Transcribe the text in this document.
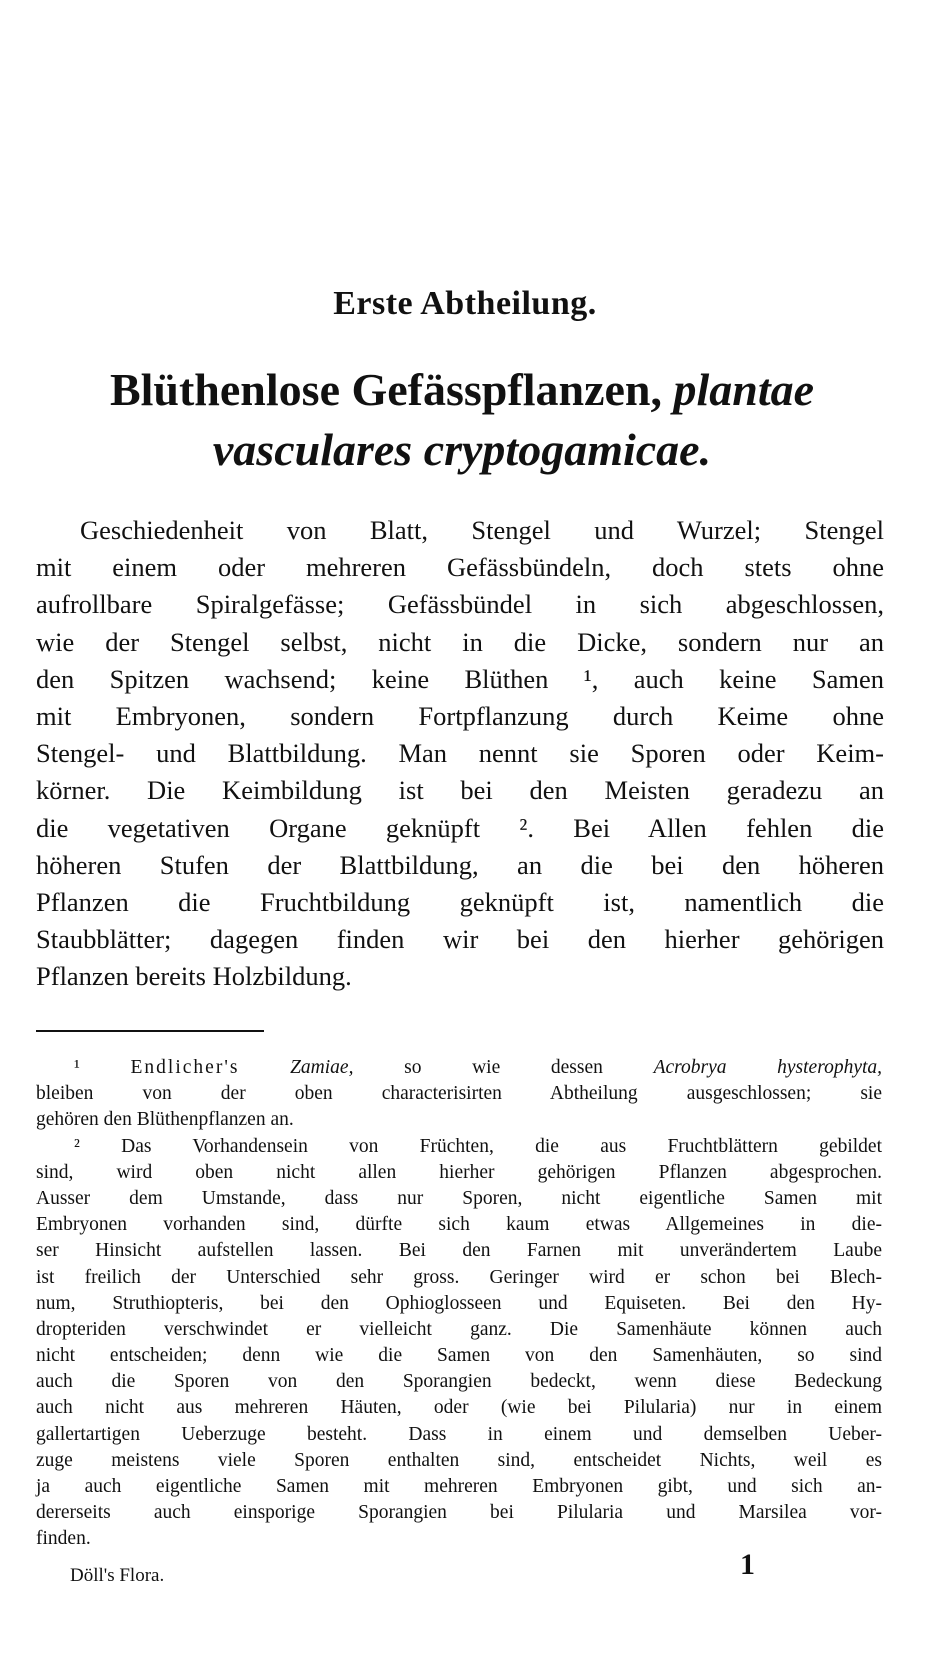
Erste Abtheilung.
Blüthenlose Gefässpflanzen, plantae
vasculares cryptogamicae.
Geschiedenheit von Blatt, Stengel und Wurzel; Stengel
mit einem oder mehreren Gefässbündeln, doch stets ohne
aufrollbare Spiralgefässe; Gefässbündel in sich abgeschlossen,
wie der Stengel selbst, nicht in die Dicke, sondern nur an
den Spitzen wachsend; keine Blüthen ¹, auch keine Samen
mit Embryonen, sondern Fortpflanzung durch Keime ohne
Stengel- und Blattbildung. Man nennt sie Sporen oder Keim-
körner. Die Keimbildung ist bei den Meisten geradezu an
die vegetativen Organe geknüpft ². Bei Allen fehlen die
höheren Stufen der Blattbildung, an die bei den höheren
Pflanzen die Fruchtbildung geknüpft ist, namentlich die
Staubblätter; dagegen finden wir bei den hierher gehörigen
Pflanzen bereits Holzbildung.
¹	Endlicher's	Zamiae,	so wie dessen	Acrobrya hysterophyta,
bleiben von der oben characterisirten Abtheilung ausgeschlossen; sie
gehören den Blüthenpflanzen an.
² Das Vorhandensein von Früchten, die aus Fruchtblättern gebildet
sind, wird oben nicht allen hierher gehörigen Pflanzen abgesprochen.
Ausser dem Umstande, dass nur Sporen, nicht eigentliche Samen mit
Embryonen vorhanden sind, dürfte sich kaum etwas Allgemeines in die-
ser Hinsicht aufstellen lassen. Bei den Farnen mit unverändertem Laube
ist freilich der Unterschied sehr gross. Geringer wird er schon bei Blech-
num, Struthiopteris, bei den Ophioglosseen und Equiseten. Bei den Hy-
dropteriden verschwindet er vielleicht ganz. Die Samenhäute können auch
nicht entscheiden; denn wie die Samen von den Samenhäuten, so sind
auch die Sporen von den Sporangien bedeckt, wenn diese Bedeckung
auch nicht aus mehreren Häuten, oder (wie bei Pilularia) nur in einem
gallertartigen Ueberzuge besteht. Dass in einem und demselben Ueber-
zuge meistens viele Sporen enthalten sind, entscheidet Nichts, weil es
ja auch eigentliche Samen mit mehreren Embryonen gibt, und sich an-
dererseits auch einsporige Sporangien bei Pilularia und Marsilea vor-
finden.
Döll's Flora.	1
